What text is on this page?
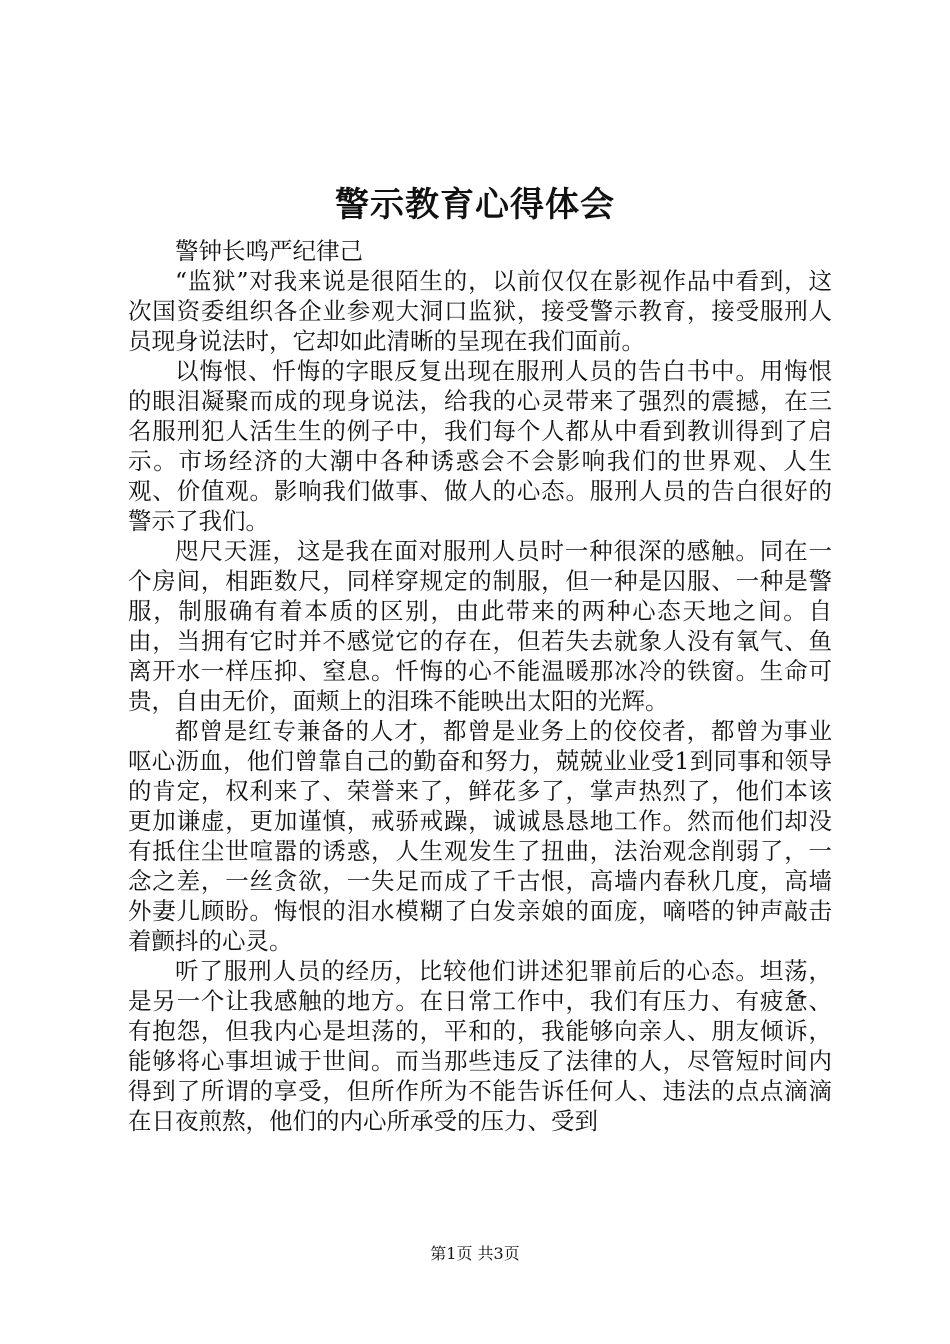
警示教育心得体会

警钟长鸣严纪律己

“监狱”对我来说是很陌生的，以前仅仅在影视作品中看到，这次国资委组织各企业参观大洞口监狱，接受警示教育，接受服刑人员现身说法时，它却如此清晰的呈现在我们面前。

以悔恨、忏悔的字眼反复出现在服刑人员的告白书中。用悔恨的眼泪凝聚而成的现身说法，给我的心灵带来了强烈的震撼，在三名服刑犯人活生生的例子中，我们每个人都从中看到教训得到了启示。市场经济的大潮中各种诱惑会不会影响我们的世界观、人生观、价值观。影响我们做事、做人的心态。服刑人员的告白很好的警示了我们。

咫尺天涯，这是我在面对服刑人员时一种很深的感触。同在一个房间，相距数尺，同样穿规定的制服，但一种是囚服、一种是警服，制服确有着本质的区别，由此带来的两种心态天地之间。自由，当拥有它时并不感觉它的存在，但若失去就象人没有氧气、鱼离开水一样压抑、窒息。忏悔的心不能温暖那冰冷的铁窗。生命可贵，自由无价，面颊上的泪珠不能映出太阳的光辉。

都曾是红专兼备的人才，都曾是业务上的佼佼者，都曾为事业呕心沥血，他们曾靠自己的勤奋和努力，兢兢业业受1到同事和领导的肯定，权利来了、荣誉来了，鲜花多了，掌声热烈了，他们本该更加谦虚，更加谨慎，戒骄戒躁，诚诚恳恳地工作。然而他们却没有抵住尘世喧嚣的诱惑，人生观发生了扭曲，法治观念削弱了，一念之差，一丝贪欲，一失足而成了千古恨，高墙内春秋几度，高墙外妻儿顾盼。悔恨的泪水模糊了白发亲娘的面庞，嘀嗒的钟声敲击着颤抖的心灵。

听了服刑人员的经历，比较他们讲述犯罪前后的心态。坦荡，是另一个让我感触的地方。在日常工作中，我们有压力、有疲惫、有抱怨，但我内心是坦荡的，平和的，我能够向亲人、朋友倾诉，能够将心事坦诚于世间。而当那些违反了法律的人，尽管短时间内得到了所谓的享受，但所作所为不能告诉任何人、违法的点点滴滴在日夜煎熬，他们的内心所承受的压力、受到

第1页 共3页
